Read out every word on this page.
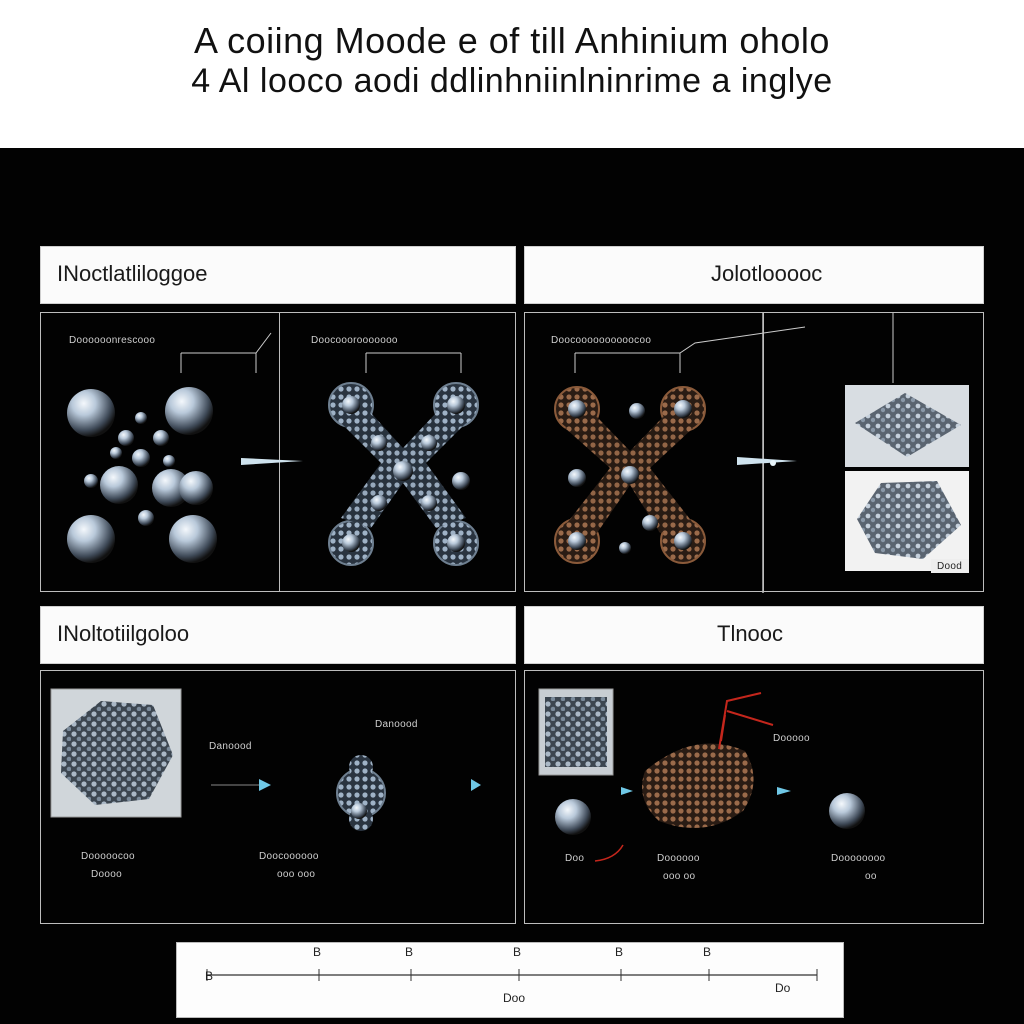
A coiing Moode e of till Anhinium oholo
4 Al looco aodi ddlinhniinlninrime a inglye
INoctlatliloggoe
Doooooonrescooo	Doocooorooooooo
Jolotlooooc
Doocoooooooooocoo
Dood
INoltotiilgoloo
Danoood
Danoood
Dooooocoo
Doooo
Doocoooooo
ooo ooo
Tlnooc
Dooooo
Doo	Doooooo
ooo oo
Doooooooo
oo
B
B	B	B	B	B
Do
Doo
